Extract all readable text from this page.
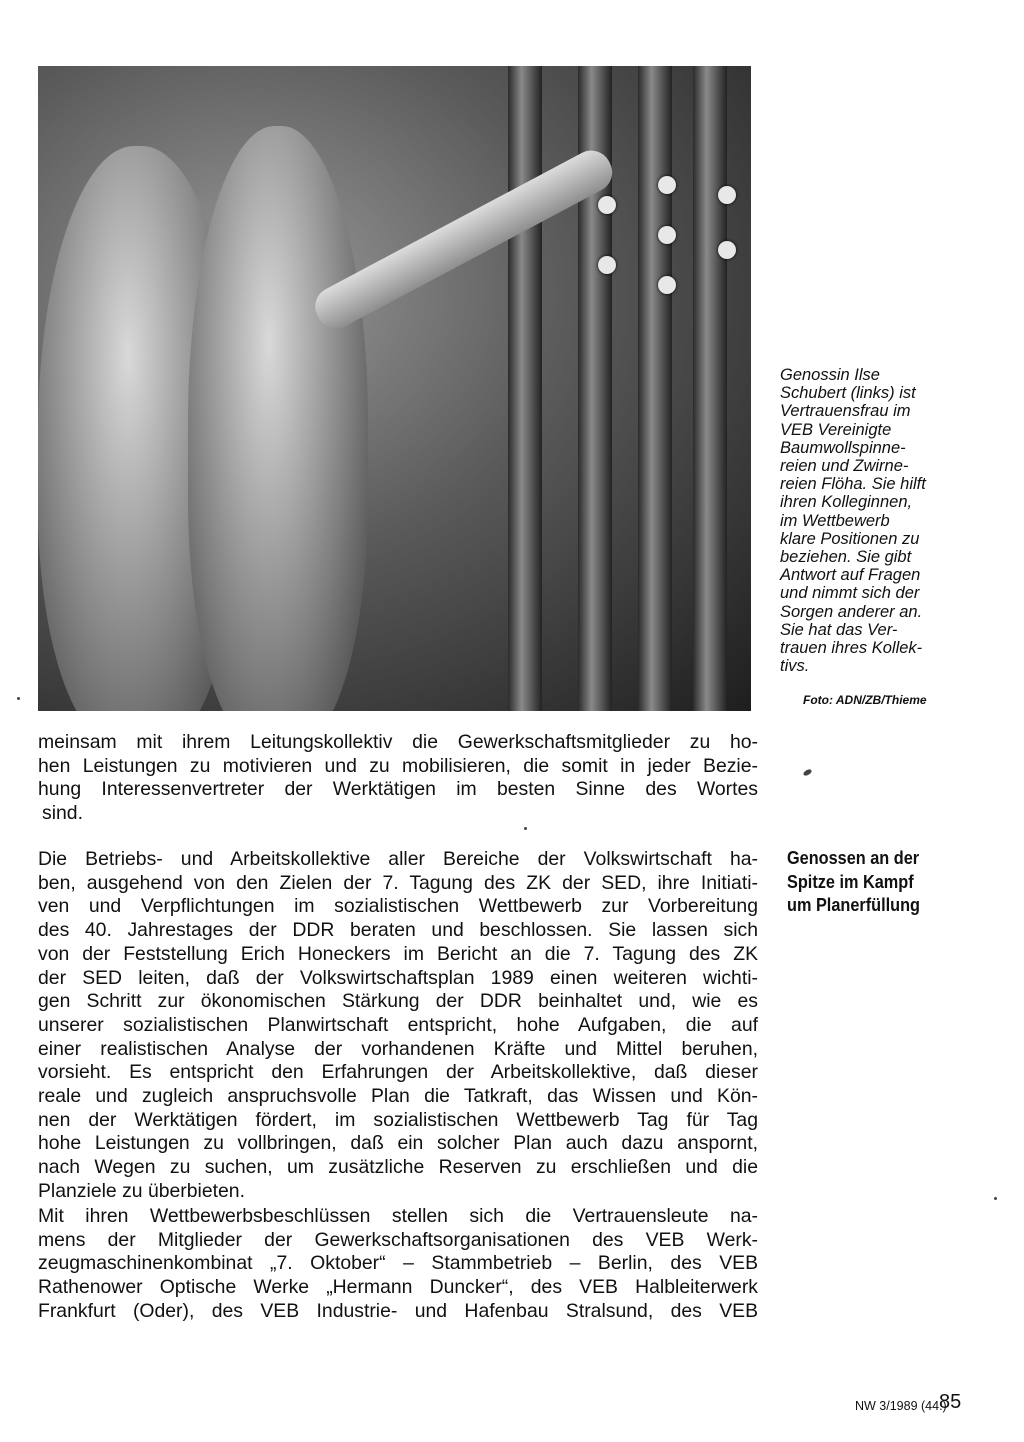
Genossin Ilse
Schubert (links) ist
Vertrauensfrau im
VEB Vereinigte
Baumwollspinne-
reien und Zwirne-
reien Flöha. Sie hilft
ihren Kolleginnen,
im Wettbewerb
klare Positionen zu
beziehen. Sie gibt
Antwort auf Fragen
und nimmt sich der
Sorgen anderer an.
Sie hat das Ver-
trauen ihres Kollek-
tivs.
Foto: ADN/ZB/Thieme
meinsam mit ihrem Leitungskollektiv die Gewerkschaftsmitglieder zu ho-
hen Leistungen zu motivieren und zu mobilisieren, die somit in jeder Bezie-
hung Interessenvertreter der Werktätigen im besten Sinne des Wortes
sind.
Genossen an der
Spitze im Kampf
um Planerfüllung
Die Betriebs- und Arbeitskollektive aller Bereiche der Volkswirtschaft ha-
ben, ausgehend von den Zielen der 7. Tagung des ZK der SED, ihre Initiati-
ven und Verpflichtungen im sozialistischen Wettbewerb zur Vorbereitung
des 40. Jahrestages der DDR beraten und beschlossen. Sie lassen sich
von der Feststellung Erich Honeckers im Bericht an die 7. Tagung des ZK
der SED leiten, daß der Volkswirtschaftsplan 1989 einen weiteren wichti-
gen Schritt zur ökonomischen Stärkung der DDR beinhaltet und, wie es
unserer sozialistischen Planwirtschaft entspricht, hohe Aufgaben, die auf
einer realistischen Analyse der vorhandenen Kräfte und Mittel beruhen,
vorsieht. Es entspricht den Erfahrungen der Arbeitskollektive, daß dieser
reale und zugleich anspruchsvolle Plan die Tatkraft, das Wissen und Kön-
nen der Werktätigen fördert, im sozialistischen Wettbewerb Tag für Tag
hohe Leistungen zu vollbringen, daß ein solcher Plan auch dazu anspornt,
nach Wegen zu suchen, um zusätzliche Reserven zu erschließen und die
Planziele zu überbieten.
Mit ihren Wettbewerbsbeschlüssen stellen sich die Vertrauensleute na-
mens der Mitglieder der Gewerkschaftsorganisationen des VEB Werk-
zeugmaschinenkombinat „7. Oktober“ – Stammbetrieb – Berlin, des VEB
Rathenower Optische Werke „Hermann Duncker“, des VEB Halbleiterwerk
Frankfurt (Oder), des VEB Industrie- und Hafenbau Stralsund, des VEB
NW 3/1989 (44.)
85
